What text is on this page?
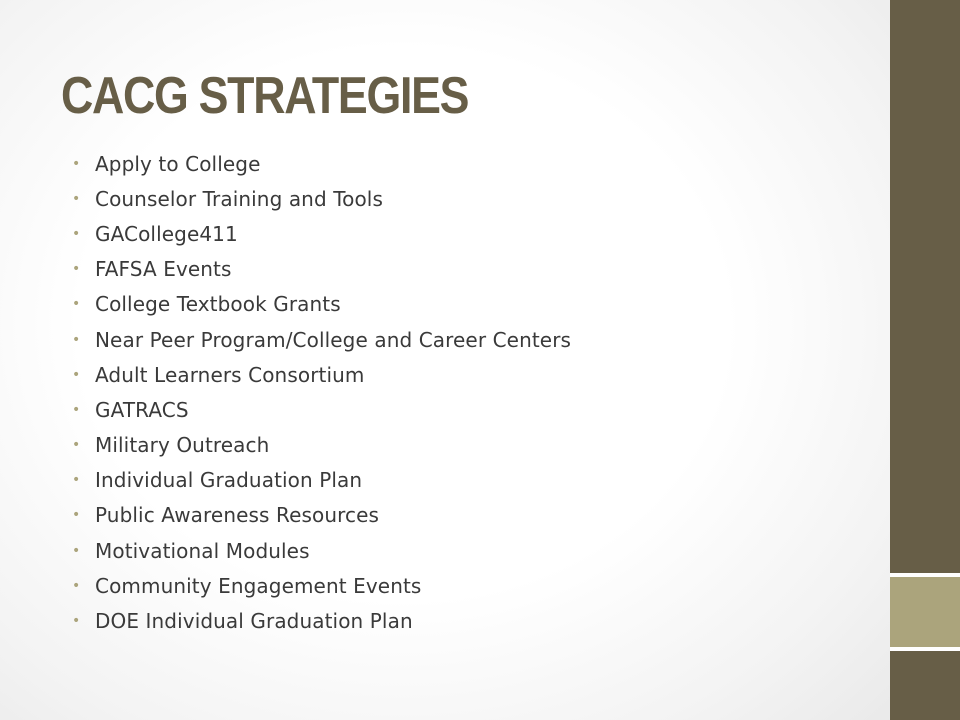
CACG STRATEGIES
• Apply to College
• Counselor Training and Tools
• GACollege411
• FAFSA Events
• College Textbook Grants
• Near Peer Program/College and Career Centers
• Adult Learners Consortium
• GATRACS
• Military Outreach
• Individual Graduation Plan
• Public Awareness Resources
• Motivational Modules
• Community Engagement Events
• DOE Individual Graduation Plan
